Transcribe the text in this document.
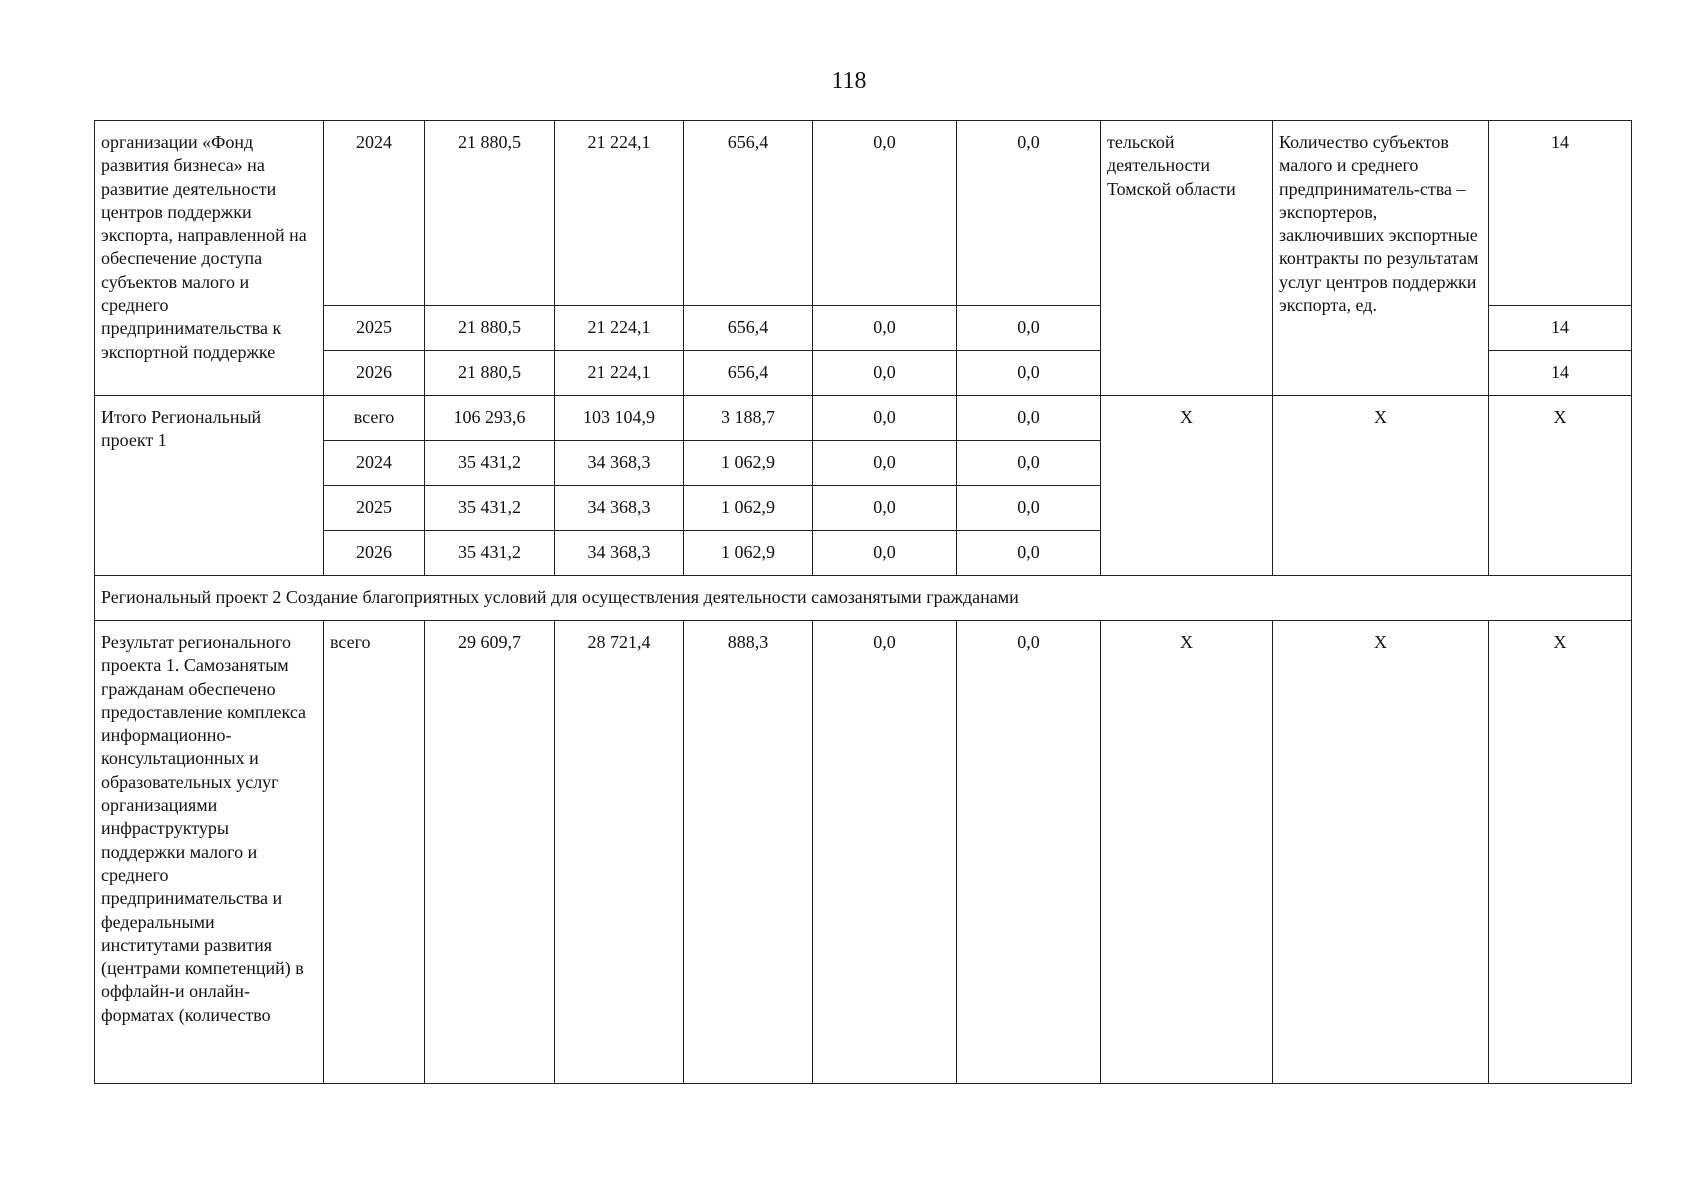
118
организации «Фонд развития бизнеса» на развитие деятельности центров поддержки экспорта, направленной на обеспечение доступа субъектов малого и среднего предпринимательства к экспортной поддержке	2024	21 880,5	21 224,1	656,4	0,0	0,0	тельской деятельности Томской области	Количество субъектов малого и среднего предприниматель-ства – экспортеров, заключивших экспортные контракты по результатам услуг центров поддержки экспорта, ед.	14
	2025	21 880,5	21 224,1	656,4	0,0	0,0			14
	2026	21 880,5	21 224,1	656,4	0,0	0,0			14
Итого Региональный проект 1	всего	106 293,6	103 104,9	3 188,7	0,0	0,0	X	X	X
	2024	35 431,2	34 368,3	1 062,9	0,0	0,0			
	2025	35 431,2	34 368,3	1 062,9	0,0	0,0			
	2026	35 431,2	34 368,3	1 062,9	0,0	0,0			
Региональный проект 2 Создание благоприятных условий для осуществления деятельности самозанятыми гражданами									
Результат регионального проекта 1. Самозанятым гражданам обеспечено предоставление комплекса информационно-консультационных и образовательных услуг организациями инфраструктуры поддержки малого и среднего предпринимательства и федеральными институтами развития (центрами компетенций) в оффлайн-и онлайн-форматах (количество	всего	29 609,7	28 721,4	888,3	0,0	0,0	X	X	X
